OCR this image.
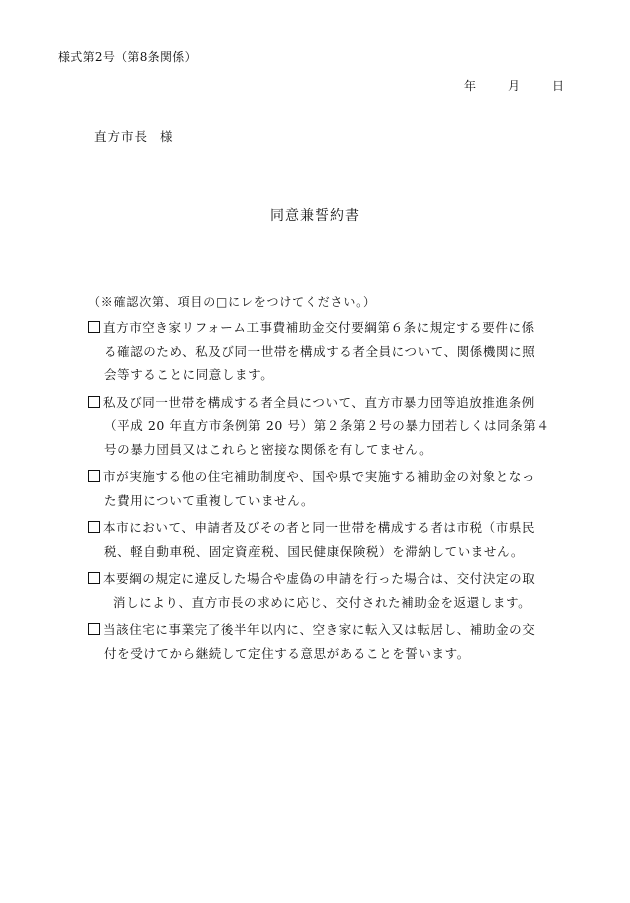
様式第2号（第8条関係）
年	月	日
直方市長 様
同意兼誓約書
（※確認次第、項目の□にレをつけてください。）
直方市空き家リフォーム工事費補助金交付要綱第６条に規定する要件に係
る確認のため、私及び同一世帯を構成する者全員について、関係機関に照
会等することに同意します。
私及び同一世帯を構成する者全員について、直方市暴力団等追放推進条例
（平成 20 年直方市条例第 20 号）第２条第２号の暴力団若しくは同条第４
号の暴力団員又はこれらと密接な関係を有してません。
市が実施する他の住宅補助制度や、国や県で実施する補助金の対象となっ
た費用について重複していません。
本市において、申請者及びその者と同一世帯を構成する者は市税（市県民
税、軽自動車税、固定資産税、国民健康保険税）を滞納していません。
本要綱の規定に違反した場合や虚偽の申請を行った場合は、交付決定の取
消しにより、直方市長の求めに応じ、交付された補助金を返還します。
当該住宅に事業完了後半年以内に、空き家に転入又は転居し、補助金の交
付を受けてから継続して定住する意思があることを誓います。
